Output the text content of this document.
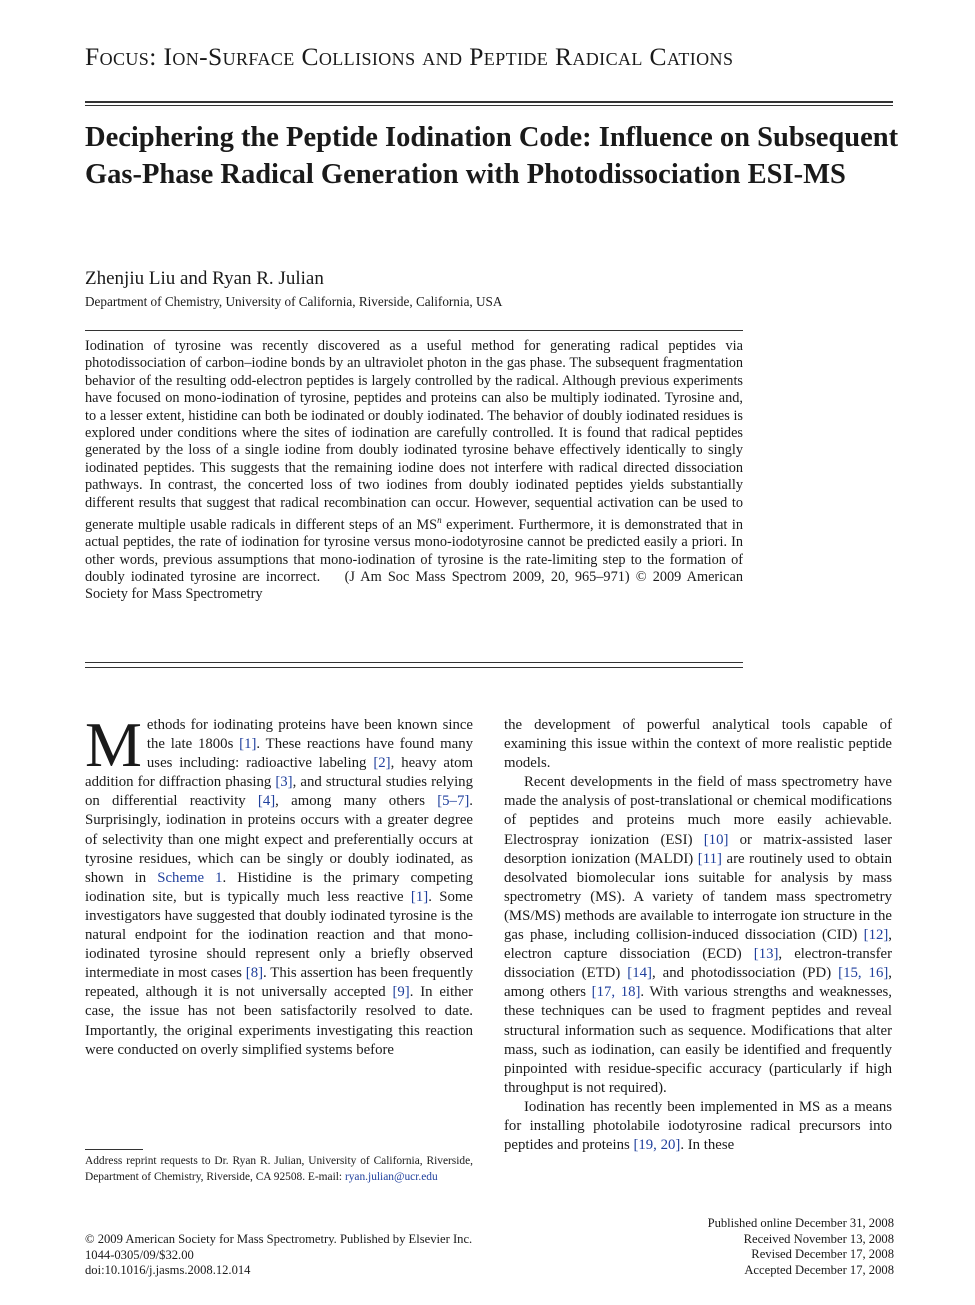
Focus: Ion-Surface Collisions and Peptide Radical Cations
Deciphering the Peptide Iodination Code: Influence on Subsequent Gas-Phase Radical Generation with Photodissociation ESI-MS
Zhenjiu Liu and Ryan R. Julian
Department of Chemistry, University of California, Riverside, California, USA
Iodination of tyrosine was recently discovered as a useful method for generating radical peptides via photodissociation of carbon–iodine bonds by an ultraviolet photon in the gas phase. The subsequent fragmentation behavior of the resulting odd-electron peptides is largely controlled by the radical. Although previous experiments have focused on mono-iodination of tyrosine, peptides and proteins can also be multiply iodinated. Tyrosine and, to a lesser extent, histidine can both be iodinated or doubly iodinated. The behavior of doubly iodinated residues is explored under conditions where the sites of iodination are carefully controlled. It is found that radical peptides generated by the loss of a single iodine from doubly iodinated tyrosine behave effectively identically to singly iodinated peptides. This suggests that the remaining iodine does not interfere with radical directed dissociation pathways. In contrast, the concerted loss of two iodines from doubly iodinated peptides yields substantially different results that suggest that radical recombination can occur. However, sequential activation can be used to generate multiple usable radicals in different steps of an $MS^n$ experiment. Furthermore, it is demonstrated that in actual peptides, the rate of iodination for tyrosine versus mono-iodotyrosine cannot be predicted easily a priori. In other words, previous assumptions that mono-iodination of tyrosine is the rate-limiting step to the formation of doubly iodinated tyrosine are incorrect. (J Am Soc Mass Spectrom 2009, 20, 965–971) © 2009 American Society for Mass Spectrometry

Methods for iodinating proteins have been known since the late 1800s [1]. These reactions have found many uses including: radioactive labeling [2], heavy atom addition for diffraction phasing [3], and structural studies relying on differential reactivity [4], among many others [5–7]. Surprisingly, iodination in proteins occurs with a greater degree of selectivity than one might expect and preferentially occurs at tyrosine residues, which can be singly or doubly iodinated, as shown in Scheme 1. Histidine is the primary competing iodination site, but is typically much less reactive [1]. Some investigators have suggested that doubly iodinated tyrosine is the natural endpoint for the iodination reaction and that mono-iodinated tyrosine should represent only a briefly observed intermediate in most cases [8]. This assertion has been frequently repeated, although it is not universally accepted [9]. In either case, the issue has not been satisfactorily resolved to date. Importantly, the original experiments investigating this reaction were conducted on overly simplified systems before

the development of powerful analytical tools capable of examining this issue within the context of more realistic peptide models.

Recent developments in the field of mass spectrometry have made the analysis of post-translational or chemical modifications of peptides and proteins much more easily achievable. Electrospray ionization (ESI) [10] or matrix-assisted laser desorption ionization (MALDI) [11] are routinely used to obtain desolvated biomolecular ions suitable for analysis by mass spectrometry (MS). A variety of tandem mass spectrometry (MS/MS) methods are available to interrogate ion structure in the gas phase, including collision-induced dissociation (CID) [12], electron capture dissociation (ECD) [13], electron-transfer dissociation (ETD) [14], and photodissociation (PD) [15, 16], among others [17, 18]. With various strengths and weaknesses, these techniques can be used to fragment peptides and reveal structural information such as sequence. Modifications that alter mass, such as iodination, can easily be identified and frequently pinpointed with residue-specific accuracy (particularly if high throughput is not required).

Iodination has recently been implemented in MS as a means for installing photolabile iodotyrosine radical precursors into peptides and proteins [19, 20]. In these

Address reprint requests to Dr. Ryan R. Julian, University of California, Riverside, Department of Chemistry, Riverside, CA 92508. E-mail: ryan.julian@ucr.edu
© 2009 American Society for Mass Spectrometry. Published by Elsevier Inc.
1044-0305/09/$32.00
doi:10.1016/j.jasms.2008.12.014
Published online December 31, 2008
Received November 13, 2008
Revised December 17, 2008
Accepted December 17, 2008
